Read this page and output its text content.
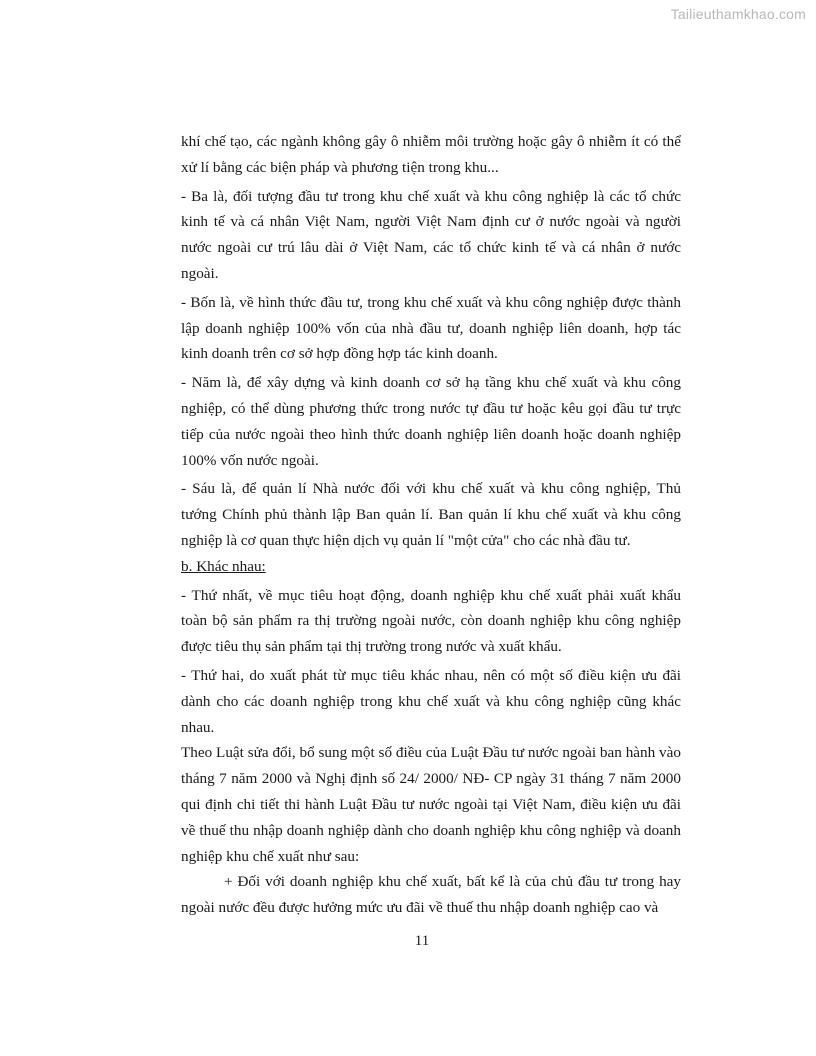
Tailieuthamkhao.com

khí chế tạo, các ngành không gây ô nhiễm môi trường hoặc gây ô nhiễm ít có thể xử lí bằng các biện pháp và phương tiện trong khu...

- Ba là, đối tượng đầu tư trong khu chế xuất và khu công nghiệp là các tổ chức kinh tế và cá nhân Việt Nam, người Việt Nam định cư ở nước ngoài và người nước ngoài cư trú lâu dài ở Việt Nam, các tổ chức kinh tế và cá nhân ở nước ngoài.

- Bốn là, về hình thức đầu tư, trong khu chế xuất và khu công nghiệp được thành lập doanh nghiệp 100% vốn của nhà đầu tư, doanh nghiệp liên doanh, hợp tác kinh doanh trên cơ sở hợp đồng hợp tác kinh doanh.

- Năm là, để xây dựng và kinh doanh cơ sở hạ tầng khu chế xuất và khu công nghiệp, có thể dùng phương thức trong nước tự đầu tư hoặc kêu gọi đầu tư trực tiếp của nước ngoài theo hình thức doanh nghiệp liên doanh hoặc doanh nghiệp 100% vốn nước ngoài.

- Sáu là, để quản lí Nhà nước đối với khu chế xuất và khu công nghiệp, Thủ tướng Chính phủ thành lập Ban quản lí. Ban quản lí khu chế xuất và khu công nghiệp là cơ quan thực hiện dịch vụ quản lí "một cửa" cho các nhà đầu tư.

b. Khác nhau:

- Thứ nhất, về mục tiêu hoạt động, doanh nghiệp khu chế xuất phải xuất khẩu toàn bộ sản phẩm ra thị trường ngoài nước, còn doanh nghiệp khu công nghiệp được tiêu thụ sản phẩm tại thị trường trong nước và xuất khẩu.

- Thứ hai, do xuất phát từ mục tiêu khác nhau, nên có một số điều kiện ưu đãi dành cho các doanh nghiệp trong khu chế xuất và khu công nghiệp cũng khác nhau.

Theo Luật sửa đổi, bổ sung một số điều của Luật Đầu tư nước ngoài ban hành vào tháng 7 năm 2000 và Nghị định số 24/ 2000/ NĐ- CP ngày 31 tháng 7 năm 2000 qui định chi tiết thi hành Luật Đầu tư nước ngoài tại Việt Nam, điều kiện ưu đãi về thuế thu nhập doanh nghiệp dành cho doanh nghiệp khu công nghiệp và doanh nghiệp khu chế xuất như sau:

+ Đối với doanh nghiệp khu chế xuất, bất kể là của chủ đầu tư trong hay ngoài nước đều được hưởng mức ưu đãi về thuế thu nhập doanh nghiệp cao và

11
